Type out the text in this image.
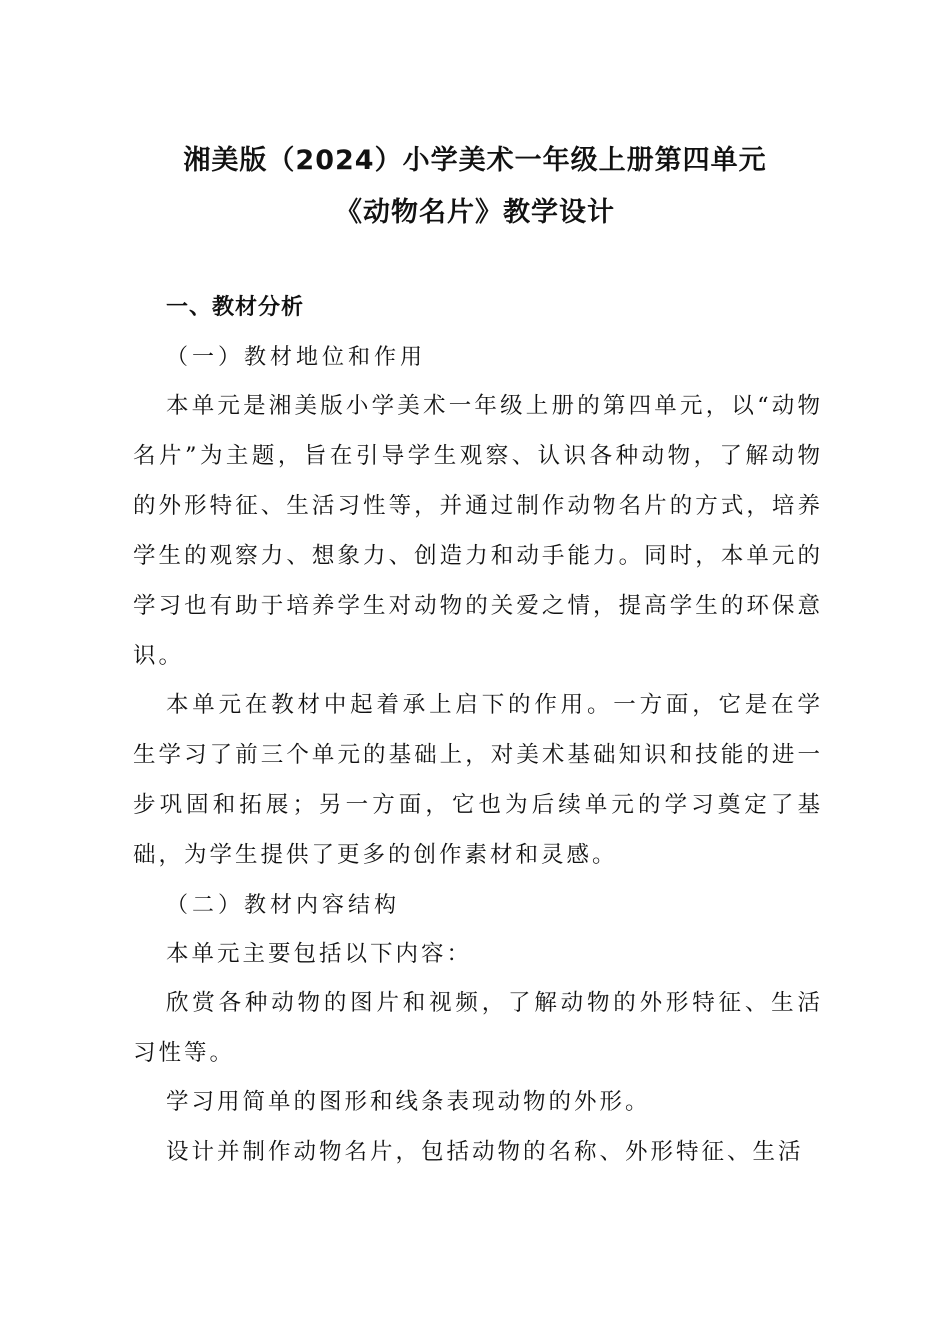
湘美版（2024）小学美术一年级上册第四单元
《动物名片》教学设计
一、教材分析
（一）教材地位和作用
本单元是湘美版小学美术一年级上册的第四单元，以“动物名片”为主题，旨在引导学生观察、认识各种动物，了解动物的外形特征、生活习性等，并通过制作动物名片的方式，培养学生的观察力、想象力、创造力和动手能力。同时，本单元的学习也有助于培养学生对动物的关爱之情，提高学生的环保意识。
本单元在教材中起着承上启下的作用。一方面，它是在学生学习了前三个单元的基础上，对美术基础知识和技能的进一步巩固和拓展；另一方面，它也为后续单元的学习奠定了基础，为学生提供了更多的创作素材和灵感。
（二）教材内容结构
本单元主要包括以下内容：
欣赏各种动物的图片和视频，了解动物的外形特征、生活习性等。
学习用简单的图形和线条表现动物的外形。
设计并制作动物名片，包括动物的名称、外形特征、生活
